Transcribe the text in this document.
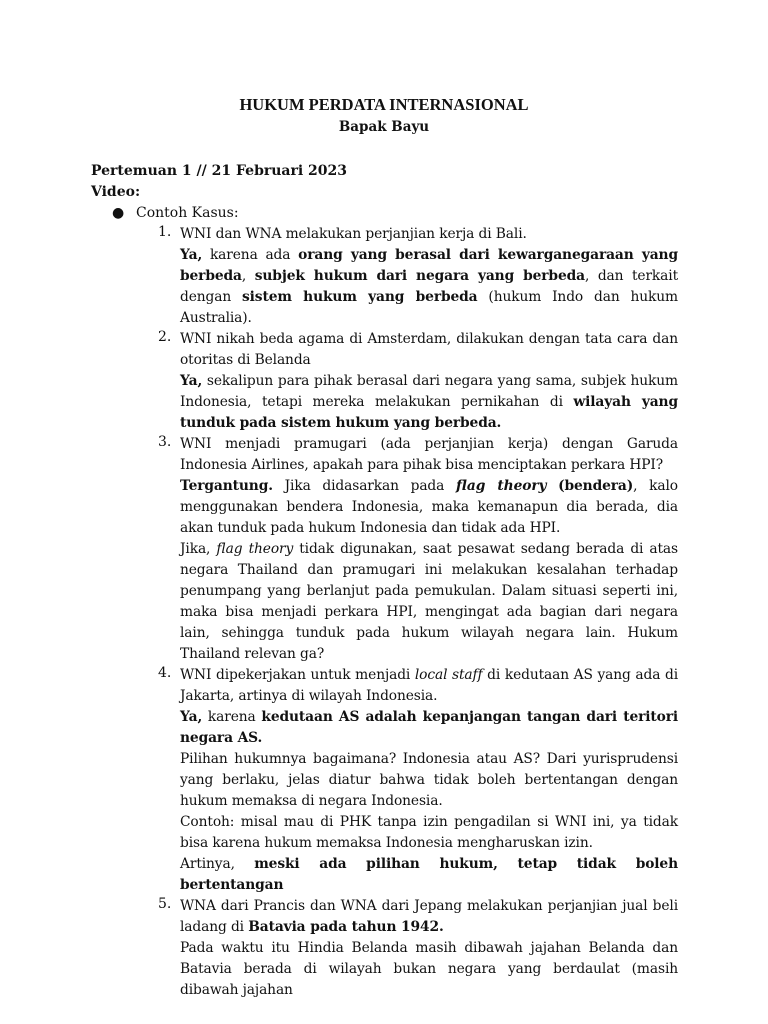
HUKUM PERDATA INTERNASIONAL
Bapak Bayu
Pertemuan 1 // 21 Februari 2023
Video:
● Contoh Kasus:
1. WNI dan WNA melakukan perjanjian kerja di Bali.

Ya, karena ada orang yang berasal dari kewarganegaraan yang berbeda, subjek hukum dari negara yang berbeda, dan terkait dengan sistem hukum yang berbeda (hukum Indo dan hukum Australia).

2. WNI nikah beda agama di Amsterdam, dilakukan dengan tata cara dan otoritas di Belanda

Ya, sekalipun para pihak berasal dari negara yang sama, subjek hukum Indonesia, tetapi mereka melakukan pernikahan di wilayah yang tunduk pada sistem hukum yang berbeda.

3. WNI menjadi pramugari (ada perjanjian kerja) dengan Garuda Indonesia Airlines, apakah para pihak bisa menciptakan perkara HPI?

Tergantung. Jika didasarkan pada flag theory (bendera), kalo menggunakan bendera Indonesia, maka kemanapun dia berada, dia akan tunduk pada hukum Indonesia dan tidak ada HPI.

Jika, flag theory tidak digunakan, saat pesawat sedang berada di atas negara Thailand dan pramugari ini melakukan kesalahan terhadap penumpang yang berlanjut pada pemukulan. Dalam situasi seperti ini, maka bisa menjadi perkara HPI, mengingat ada bagian dari negara lain, sehingga tunduk pada hukum wilayah negara lain. Hukum Thailand relevan ga?

4. WNI dipekerjakan untuk menjadi local staff di kedutaan AS yang ada di Jakarta, artinya di wilayah Indonesia.

Ya, karena kedutaan AS adalah kepanjangan tangan dari teritori negara AS.

Pilihan hukumnya bagaimana? Indonesia atau AS? Dari yurisprudensi yang berlaku, jelas diatur bahwa tidak boleh bertentangan dengan hukum memaksa di negara Indonesia.

Contoh: misal mau di PHK tanpa izin pengadilan si WNI ini, ya tidak bisa karena hukum memaksa Indonesia mengharuskan izin.

Artinya, meski ada pilihan hukum, tetap tidak boleh bertentangan

5. WNA dari Prancis dan WNA dari Jepang melakukan perjanjian jual beli ladang di Batavia pada tahun 1942.

Pada waktu itu Hindia Belanda masih dibawah jajahan Belanda dan Batavia berada di wilayah bukan negara yang berdaulat (masih dibawah jajahan
